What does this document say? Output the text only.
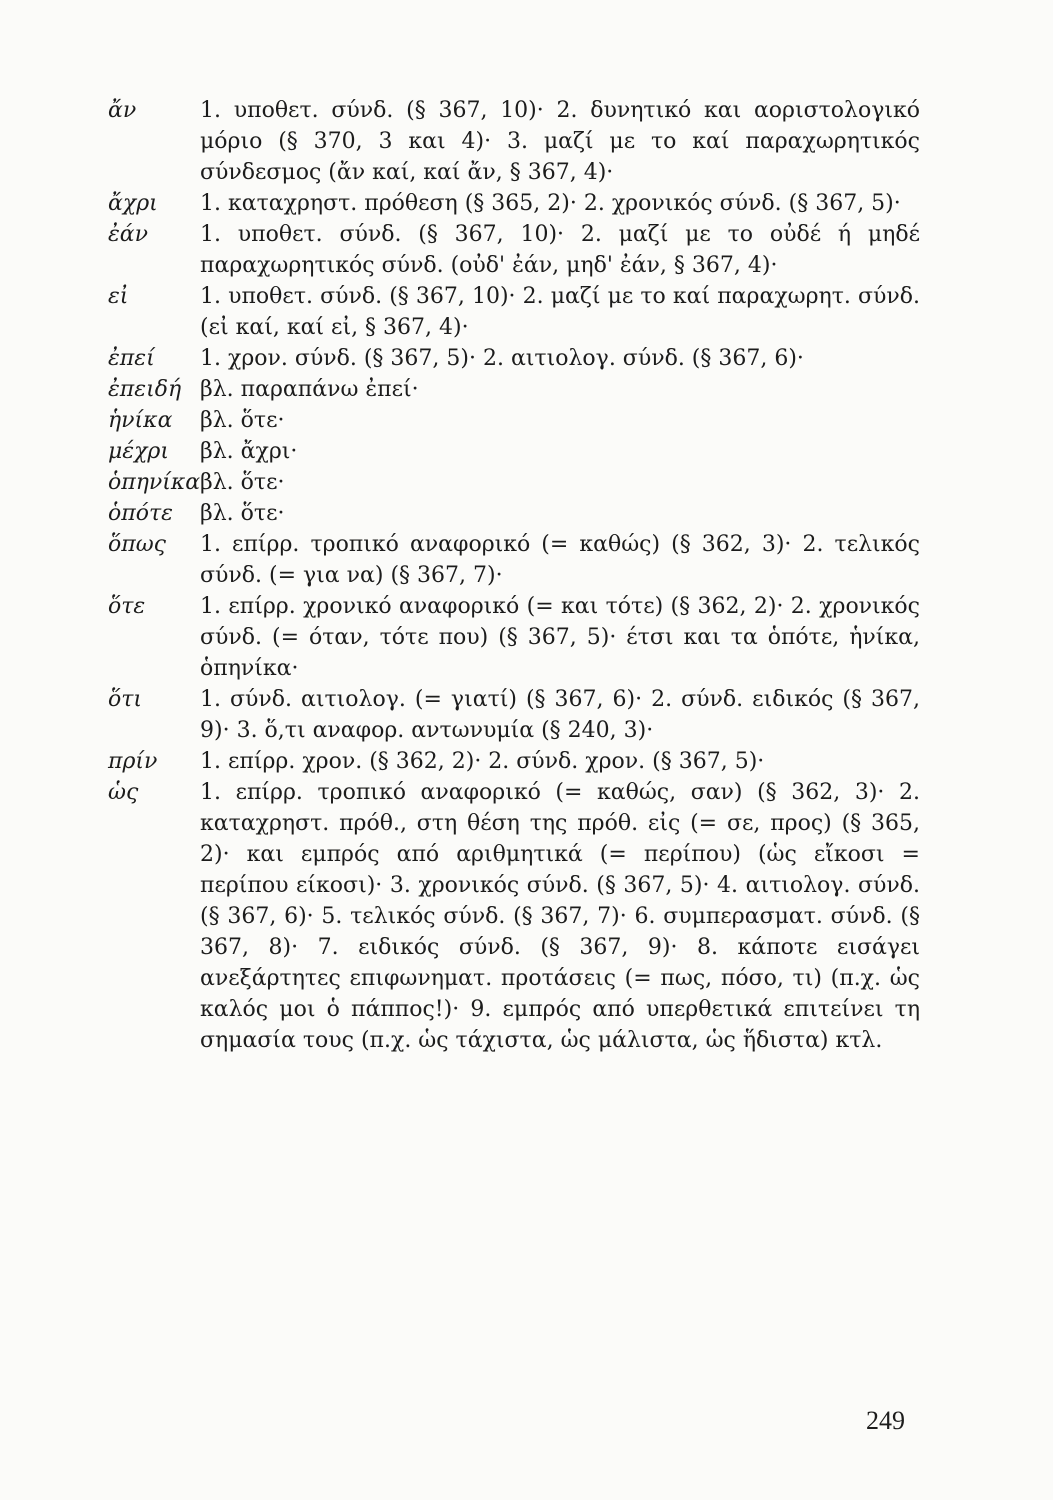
ἄν	1. υποθετ. σύνδ. (§ 367, 10)· 2. δυνητικό και αοριστολογικό μόριο (§ 370, 3 και 4)· 3. μαζί με το καί παραχωρητικός σύνδεσμος (ἄν καί, καί ἄν, § 367, 4)·
ἄχρι	1. καταχρηστ. πρόθεση (§ 365, 2)· 2. χρονικός σύνδ. (§ 367, 5)·
ἐάν	1. υποθετ. σύνδ. (§ 367, 10)· 2. μαζί με το οὐδέ ή μηδέ παραχωρητικός σύνδ. (οὐδ' ἐάν, μηδ' ἐάν, § 367, 4)·
εἰ	1. υποθετ. σύνδ. (§ 367, 10)· 2. μαζί με το καί παραχωρητ. σύνδ. (εἰ καί, καί εἰ, § 367, 4)·
ἐπεί	1. χρον. σύνδ. (§ 367, 5)· 2. αιτιολογ. σύνδ. (§ 367, 6)·
ἐπειδή βλ. παραπάνω ἐπεί·
ἡνίκα	βλ. ὅτε·
μέχρι	βλ. ἄχρι·
ὁπηνίκα βλ. ὅτε·
ὁπότε	βλ. ὅτε·
ὅπως	1. επίρρ. τροπικό αναφορικό (= καθώς) (§ 362, 3)· 2. τελικός σύνδ. (= για να) (§ 367, 7)·
ὅτε	1. επίρρ. χρονικό αναφορικό (= και τότε) (§ 362, 2)· 2. χρονικός σύνδ. (= όταν, τότε που) (§ 367, 5)· έτσι και τα ὁπότε, ἡνίκα, ὁπηνίκα·
ὅτι	1. σύνδ. αιτιολογ. (= γιατί) (§ 367, 6)· 2. σύνδ. ειδικός (§ 367, 9)· 3. ὅ,τι αναφορ. αντωνυμία (§ 240, 3)·
πρίν	1. επίρρ. χρον. (§ 362, 2)· 2. σύνδ. χρον. (§ 367, 5)·
ὡς	1. επίρρ. τροπικό αναφορικό (= καθώς, σαν) (§ 362, 3)· 2. καταχρηστ. πρόθ., στη θέση της πρόθ. εἰς (= σε, προς) (§ 365, 2)· και εμπρός από αριθμητικά (= περίπου) (ὡς εἴκοσι = περίπου είκοσι)· 3. χρονικός σύνδ. (§ 367, 5)· 4. αιτιολογ. σύνδ. (§ 367, 6)· 5. τελικός σύνδ. (§ 367, 7)· 6. συμπερασματ. σύνδ. (§ 367, 8)· 7. ειδικός σύνδ. (§ 367, 9)· 8. κάποτε εισάγει ανεξάρτητες επιφωνηματ. προτάσεις (= πως, πόσο, τι) (π.χ. ὡς καλός μοι ὁ πάππος!)· 9. εμπρός από υπερθετικά επιτείνει τη σημασία τους (π.χ. ὡς τάχιστα, ὡς μάλιστα, ὡς ἥδιστα) κτλ.
249
